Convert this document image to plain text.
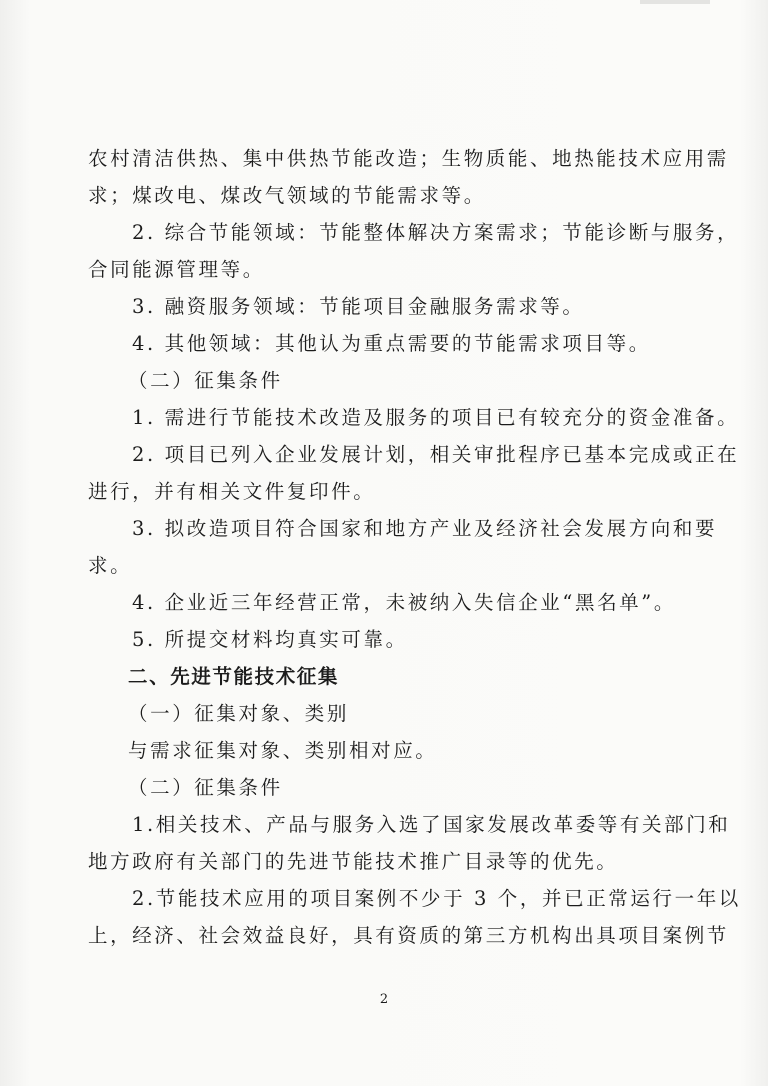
农村清洁供热、集中供热节能改造；生物质能、地热能技术应用需
求；煤改电、煤改气领域的节能需求等。
2. 综合节能领域：节能整体解决方案需求；节能诊断与服务，
合同能源管理等。
3. 融资服务领域：节能项目金融服务需求等。
4. 其他领域：其他认为重点需要的节能需求项目等。
（二）征集条件
1. 需进行节能技术改造及服务的项目已有较充分的资金准备。
2. 项目已列入企业发展计划，相关审批程序已基本完成或正在
进行，并有相关文件复印件。
3. 拟改造项目符合国家和地方产业及经济社会发展方向和要
求。
4. 企业近三年经营正常，未被纳入失信企业“黑名单”。
5. 所提交材料均真实可靠。
二、先进节能技术征集
（一）征集对象、类别
与需求征集对象、类别相对应。
（二）征集条件
1.相关技术、产品与服务入选了国家发展改革委等有关部门和
地方政府有关部门的先进节能技术推广目录等的优先。
2.节能技术应用的项目案例不少于 3 个，并已正常运行一年以
上，经济、社会效益良好，具有资质的第三方机构出具项目案例节
2
